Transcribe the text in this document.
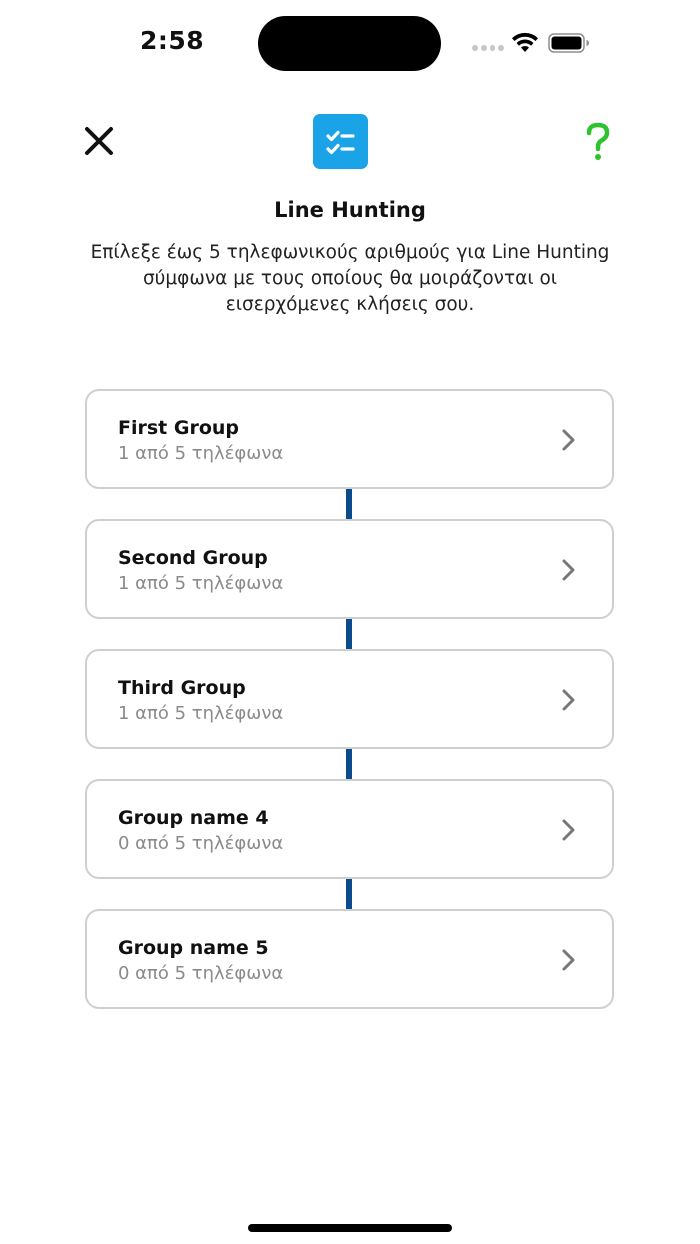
2:58
Line Hunting
Επίλεξε έως 5 τηλεφωνικούς αριθμούς για Line Hunting σύμφωνα με τους οποίους θα μοιράζονται οι εισερχόμενες κλήσεις σου.
First Group
1 από 5 τηλέφωνα
Second Group
1 από 5 τηλέφωνα
Third Group
1 από 5 τηλέφωνα
Group name 4
0 από 5 τηλέφωνα
Group name 5
0 από 5 τηλέφωνα
